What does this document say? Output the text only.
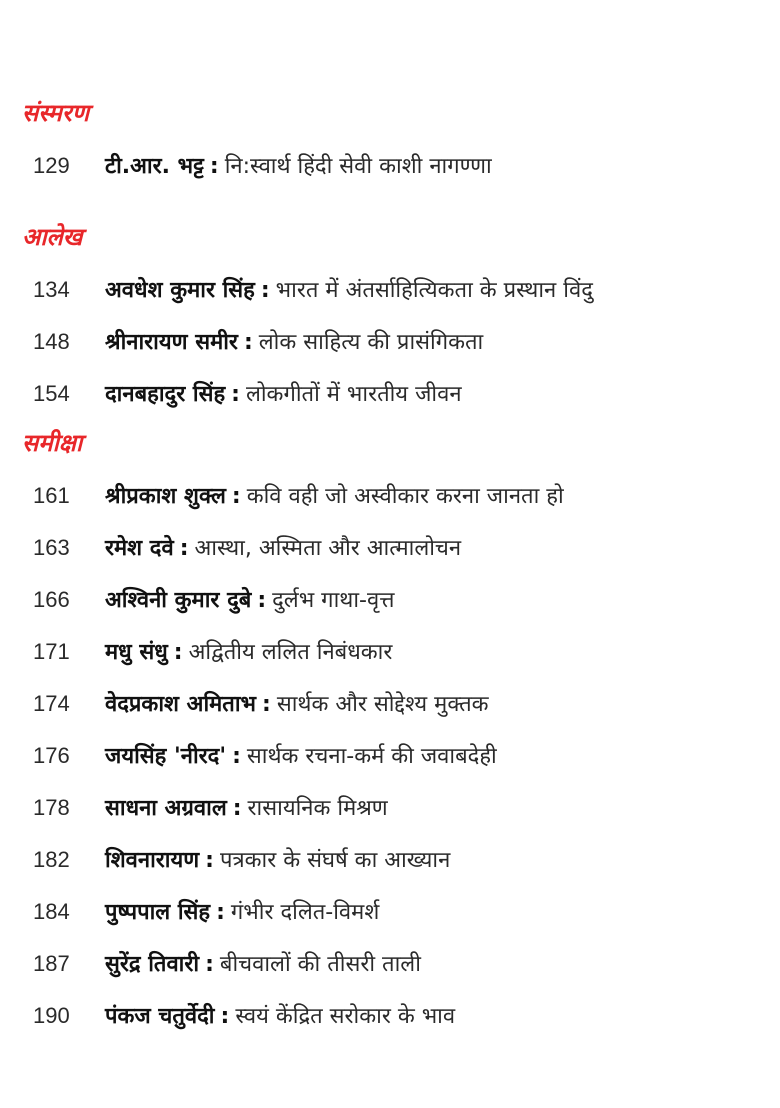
संस्मरण
129	टी.आर. भट्ट : नि:स्वार्थ हिंदी सेवी काशी नागण्णा
आलेख
134	अवधेश कुमार सिंह : भारत में अंतर्साहित्यिकता के प्रस्थान विंदु
148	श्रीनारायण समीर : लोक साहित्य की प्रासंगिकता
154	दानबहादुर सिंह : लोकगीतों में भारतीय जीवन
समीक्षा
161	श्रीप्रकाश शुक्ल : कवि वही जो अस्वीकार करना जानता हो
163	रमेश दवे : आस्था, अस्मिता और आत्मालोचन
166	अश्विनी कुमार दुबे : दुर्लभ गाथा-वृत्त
171	मधु संधु : अद्वितीय ललित निबंधकार
174	वेदप्रकाश अमिताभ : सार्थक और सोद्देश्य मुक्तक
176	जयसिंह 'नीरद' : सार्थक रचना-कर्म की जवाबदेही
178	साधना अग्रवाल : रासायनिक मिश्रण
182	शिवनारायण : पत्रकार के संघर्ष का आख्यान
184	पुष्पपाल सिंह : गंभीर दलित-विमर्श
187	सुरेंद्र तिवारी : बीचवालों की तीसरी ताली
190	पंकज चतुर्वेदी : स्वयं केंद्रित सरोकार के भाव
